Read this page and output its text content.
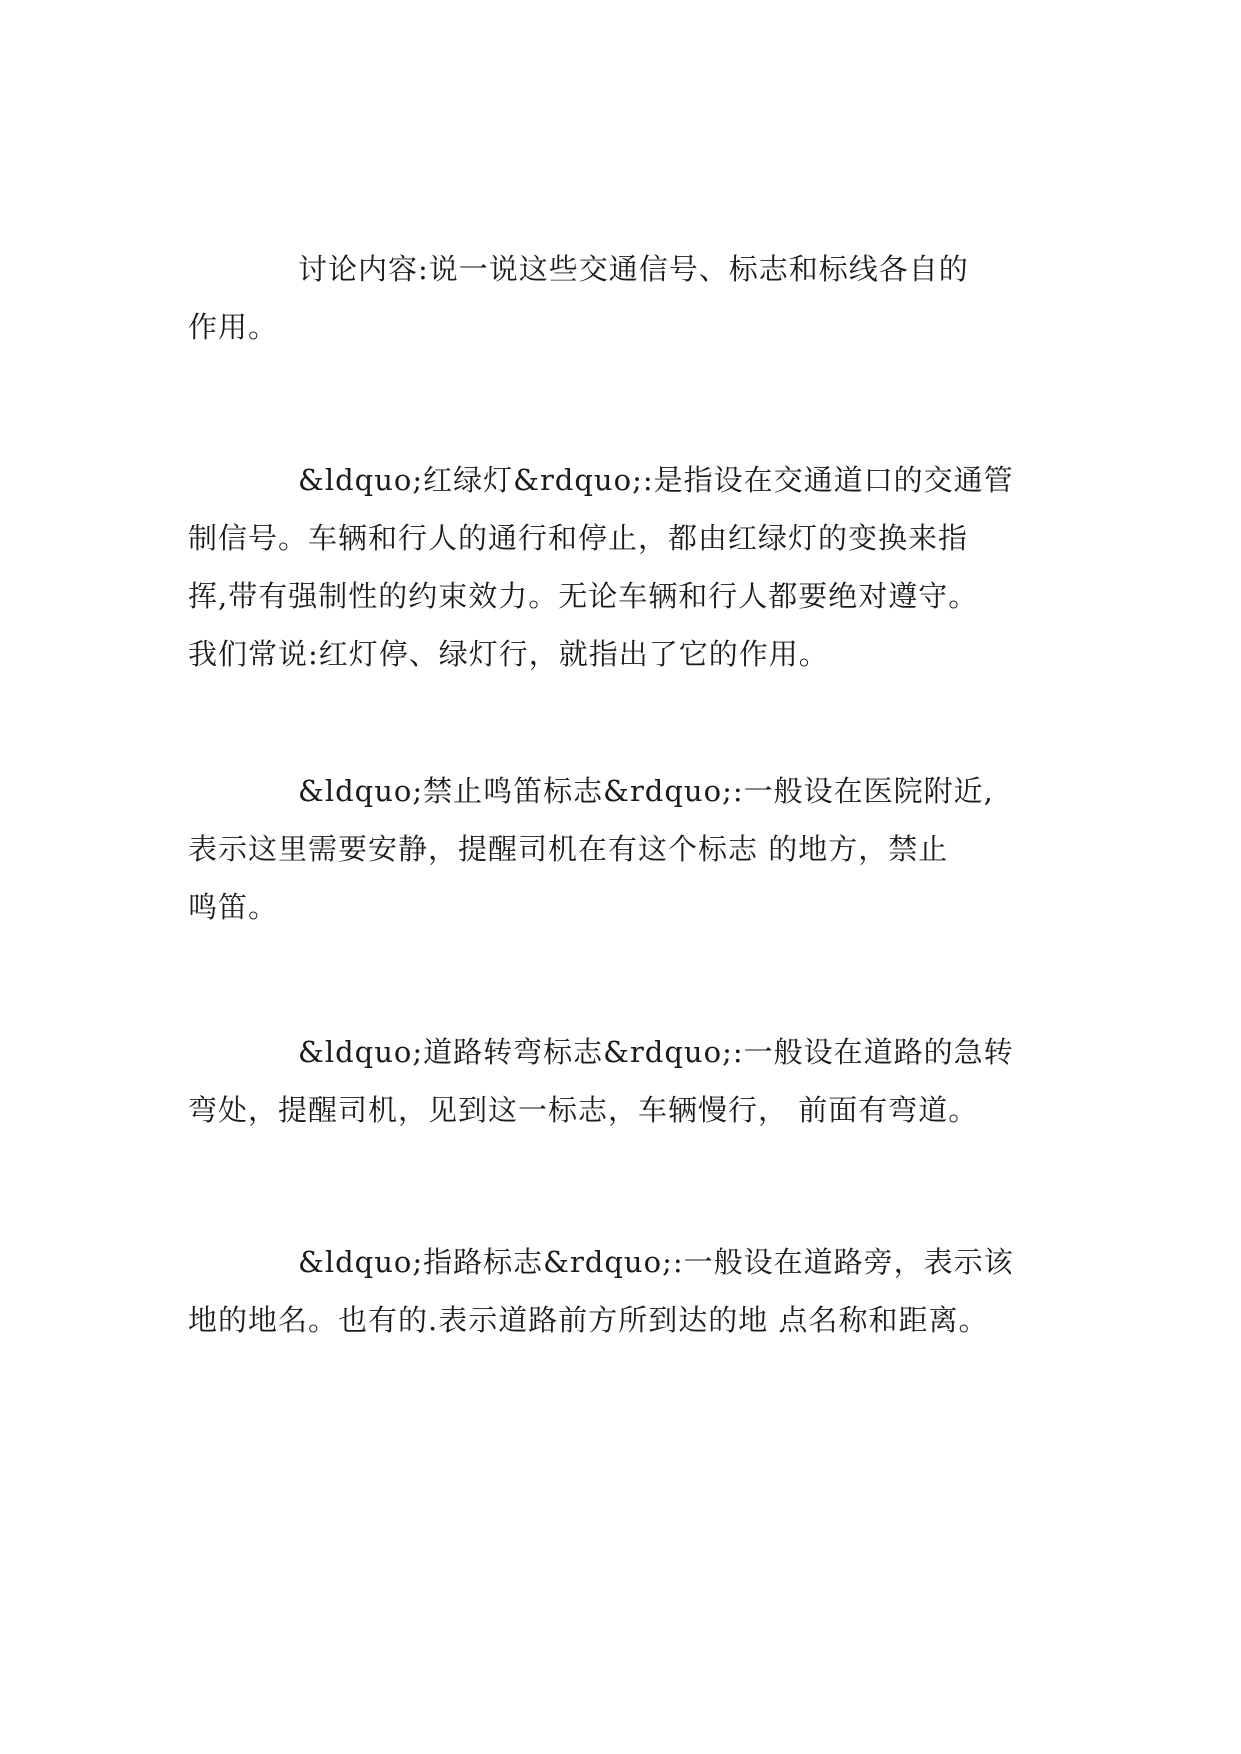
讨论内容:说一说这些交通信号、标志和标线各自的
作用。
&ldquo;红绿灯&rdquo;:是指设在交通道口的交通管
制信号。车辆和行人的通行和停止，都由红绿灯的变换来指
挥,带有强制性的约束效力。无论车辆和行人都要绝对遵守。
我们常说:红灯停、绿灯行，就指出了它的作用。
&ldquo;禁止鸣笛标志&rdquo;:一般设在医院附近,
表示这里需要安静，提醒司机在有这个标志 的地方，禁止
鸣笛。
&ldquo;道路转弯标志&rdquo;:一般设在道路的急转
弯处，提醒司机，见到这一标志，车辆慢行， 前面有弯道。
&ldquo;指路标志&rdquo;:一般设在道路旁，表示该
地的地名。也有的.表示道路前方所到达的地 点名称和距离。
